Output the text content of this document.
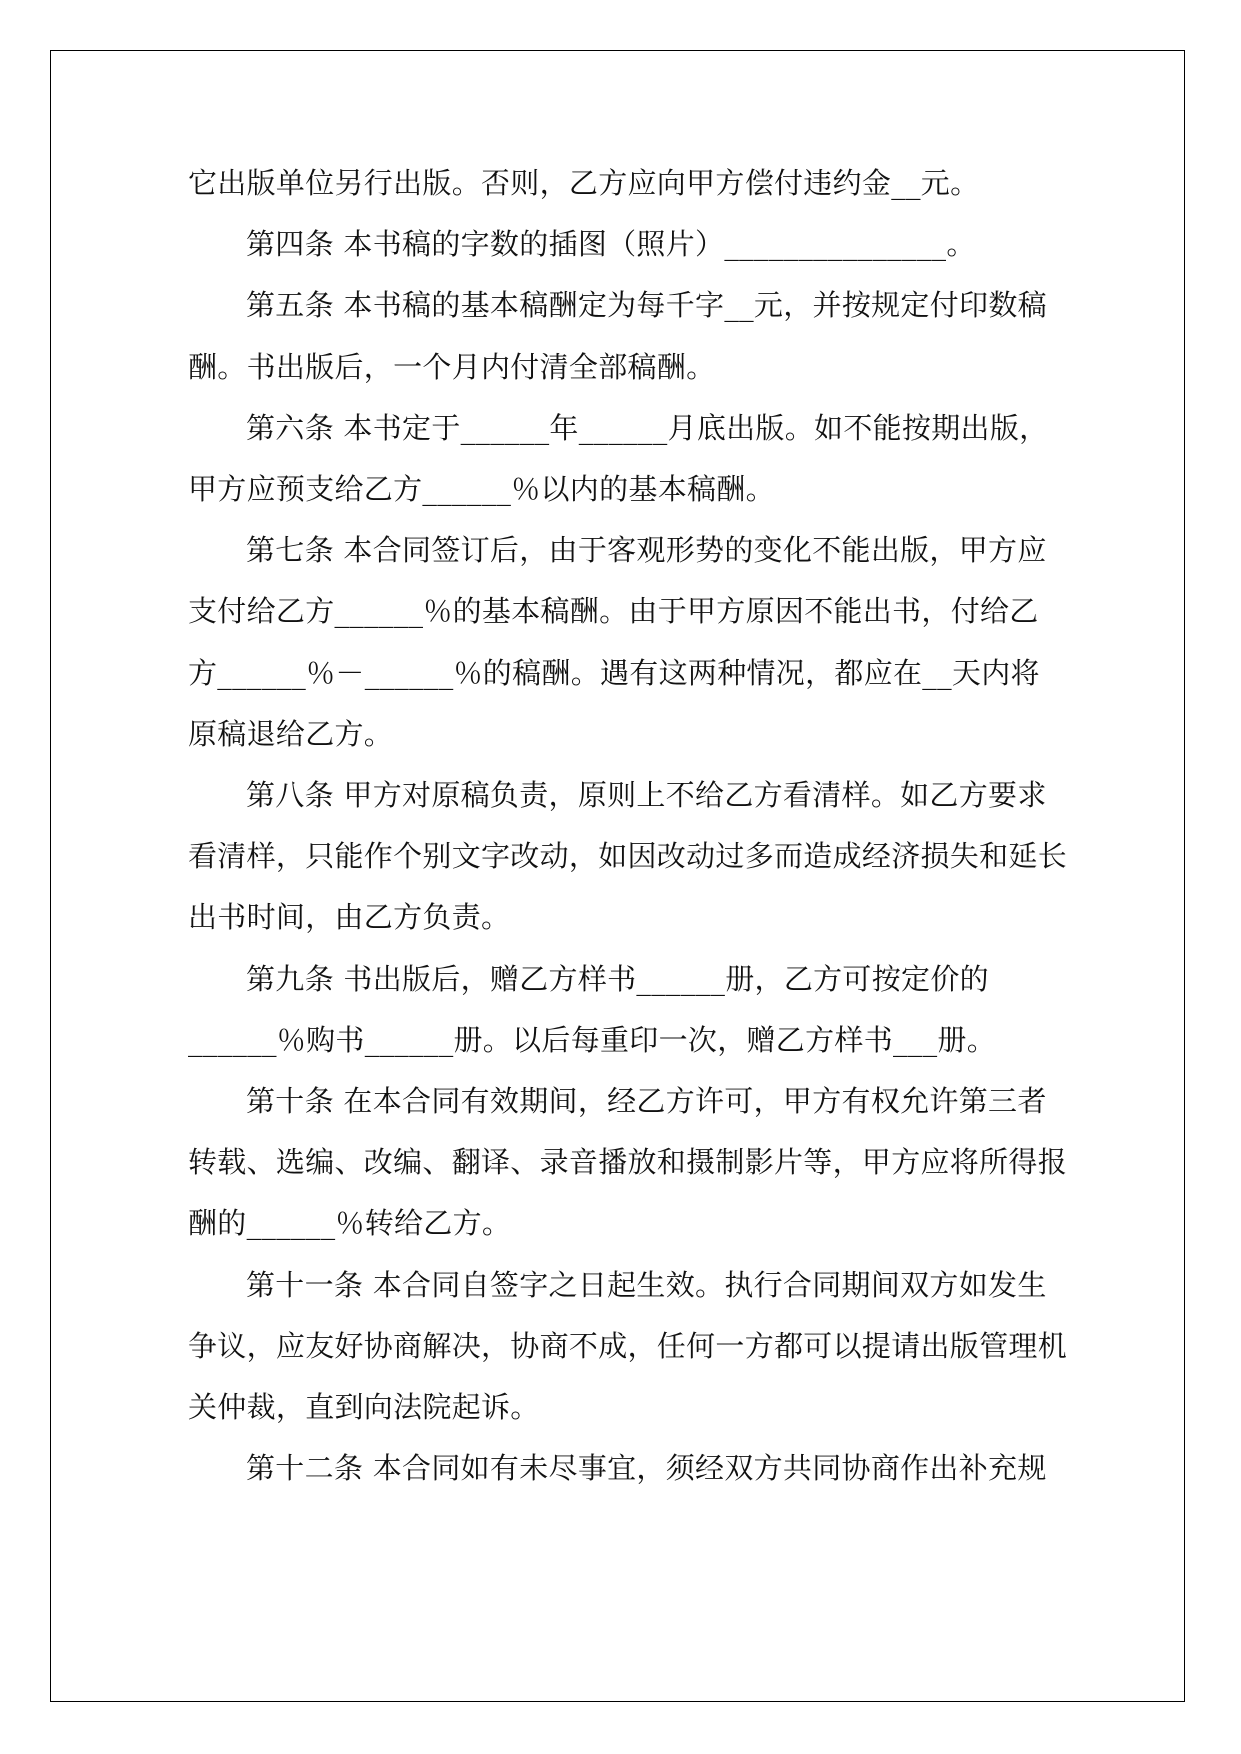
它出版单位另行出版。否则，乙方应向甲方偿付违约金__元。
第四条 本书稿的字数的插图（照片）_______________。
第五条 本书稿的基本稿酬定为每千字__元，并按规定付印数稿
酬。书出版后，一个月内付清全部稿酬。
第六条 本书定于______年______月底出版。如不能按期出版，
甲方应预支给乙方______％以内的基本稿酬。
第七条 本合同签订后，由于客观形势的变化不能出版，甲方应
支付给乙方______％的基本稿酬。由于甲方原因不能出书，付给乙
方______％－______％的稿酬。遇有这两种情况，都应在__天内将
原稿退给乙方。
第八条 甲方对原稿负责，原则上不给乙方看清样。如乙方要求
看清样，只能作个别文字改动，如因改动过多而造成经济损失和延长
出书时间，由乙方负责。
第九条 书出版后，赠乙方样书______册，乙方可按定价的
______％购书______册。以后每重印一次，赠乙方样书___册。
第十条 在本合同有效期间，经乙方许可，甲方有权允许第三者
转载、选编、改编、翻译、录音播放和摄制影片等，甲方应将所得报
酬的______％转给乙方。
第十一条 本合同自签字之日起生效。执行合同期间双方如发生
争议，应友好协商解决，协商不成，任何一方都可以提请出版管理机
关仲裁，直到向法院起诉。
第十二条 本合同如有未尽事宜，须经双方共同协商作出补充规
